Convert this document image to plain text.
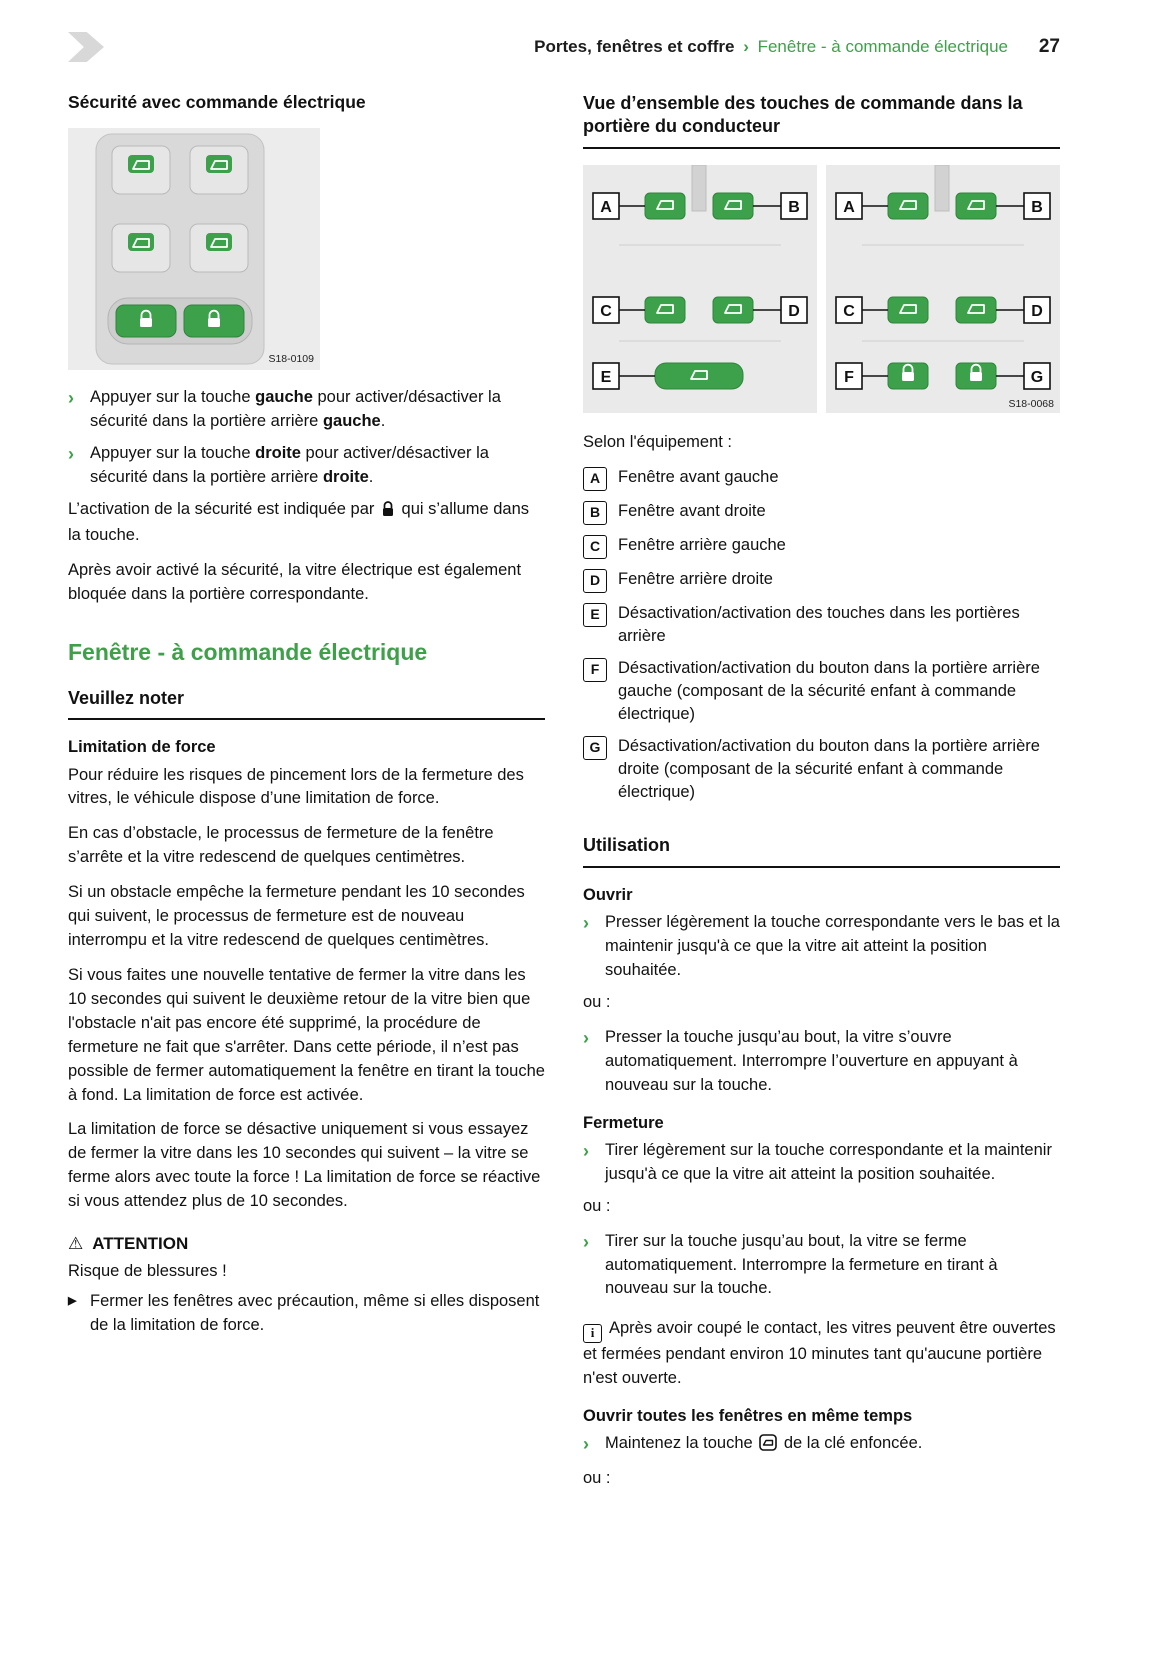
Portes, fenêtres et coffre › Fenêtre - à commande électrique	27
Sécurité avec commande électrique
S18-0109
› Appuyer sur la touche gauche pour activer/désactiver la sécurité dans la portière arrière gauche.
› Appuyer sur la touche droite pour activer/désactiver la sécurité dans la portière arrière droite.

L’activation de la sécurité est indiquée par  qui s’allume dans la touche.

Après avoir activé la sécurité, la vitre électrique est également bloquée dans la portière correspondante.

Fenêtre - à commande électrique
Veuillez noter
Limitation de force

Pour réduire les risques de pincement lors de la fermeture des vitres, le véhicule dispose d’une limitation de force.

En cas d’obstacle, le processus de fermeture de la fenêtre s’arrête et la vitre redescend de quelques centimètres.

Si un obstacle empêche la fermeture pendant les 10 secondes qui suivent, le processus de fermeture est de nouveau interrompu et la vitre redescend de quelques centimètres.

Si vous faites une nouvelle tentative de fermer la vitre dans les 10 secondes qui suivent le deuxième retour de la vitre bien que l'obstacle n'ait pas encore été supprimé, la procédure de fermeture ne fait que s'arrêter. Dans cette période, il n’est pas possible de fermer automatiquement la fenêtre en tirant la touche à fond. La limitation de force est activée.

La limitation de force se désactive uniquement si vous essayez de fermer la vitre dans les 10 secondes qui suivent – la vitre se ferme alors avec toute la force ! La limitation de force se réactive si vous attendez plus de 10 secondes.

⚠ ATTENTION

Risque de blessures !

▶ Fermer les fenêtres avec précaution, même si elles disposent de la limitation de force.
Vue d’ensemble des touches de commande dans la portière du conducteur
A	B
C	D
E
A	B
C	D
F	G
S18-0068

Selon l'équipement :

A	Fenêtre avant gauche
B	Fenêtre avant droite
C	Fenêtre arrière gauche
D	Fenêtre arrière droite
E	Désactivation/activation des touches dans les portières arrière
F	Désactivation/activation du bouton dans la portière arrière gauche (composant de la sécurité enfant à commande électrique)
G	Désactivation/activation du bouton dans la portière arrière droite (composant de la sécurité enfant à commande électrique)
Utilisation
Ouvrir
› Presser légèrement la touche correspondante vers le bas et la maintenir jusqu'à ce que la vitre ait atteint la position souhaitée.

ou :

› Presser la touche jusqu’au bout, la vitre s’ouvre automatiquement. Interrompre l’ouverture en appuyant à nouveau sur la touche.
Fermeture
› Tirer légèrement sur la touche correspondante et la maintenir jusqu'à ce que la vitre ait atteint la position souhaitée.

ou :

› Tirer sur la touche jusqu’au bout, la vitre se ferme automatiquement. Interrompre la fermeture en tirant à nouveau sur la touche.

i Après avoir coupé le contact, les vitres peuvent être ouvertes et fermées pendant environ 10 minutes tant qu'aucune portière n'est ouverte.

Ouvrir toutes les fenêtres en même temps
› Maintenez la touche  de la clé enfoncée.

ou :
